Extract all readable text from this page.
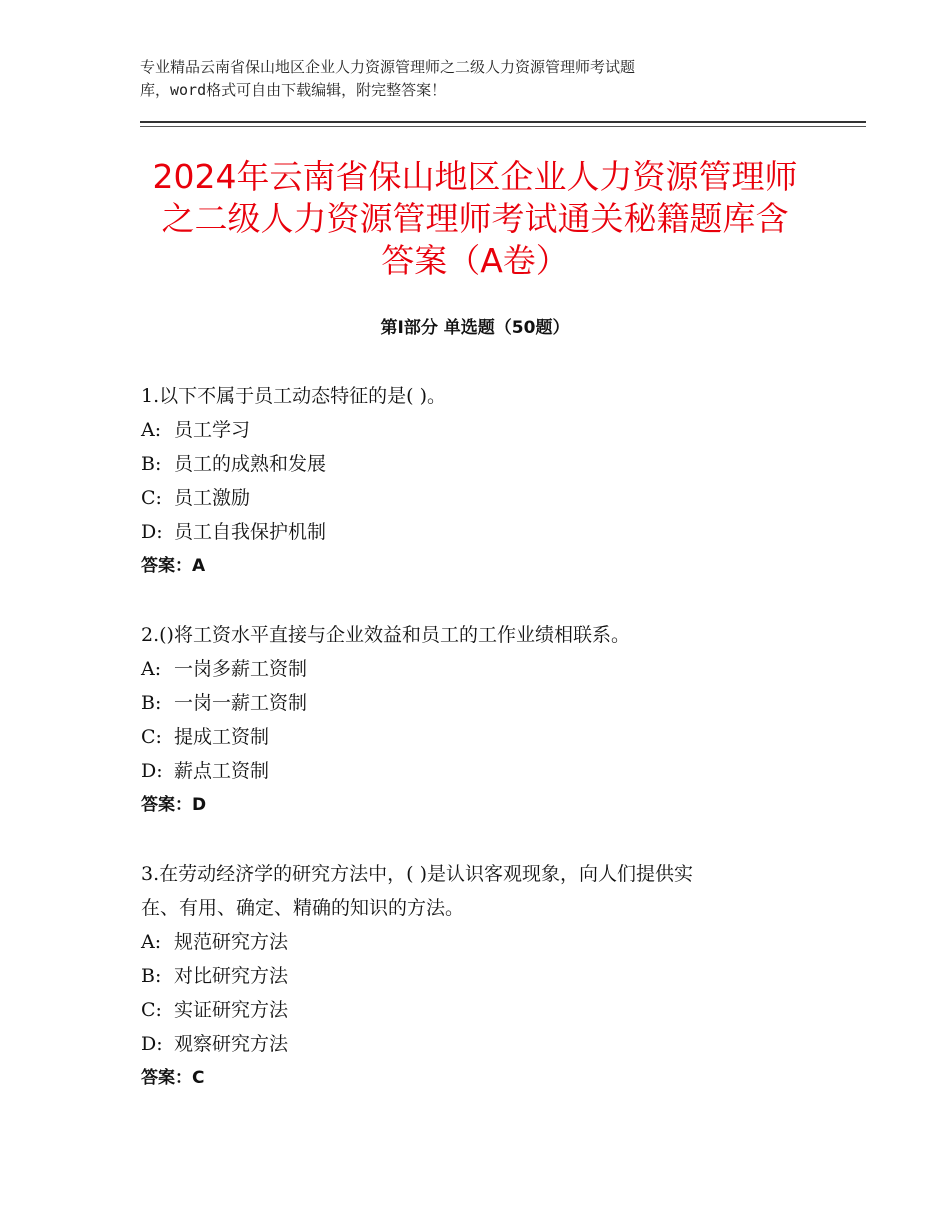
专业精品云南省保山地区企业人力资源管理师之二级人力资源管理师考试题
库，word格式可自由下载编辑，附完整答案！
2024年云南省保山地区企业人力资源管理师
之二级人力资源管理师考试通关秘籍题库含
答案（A卷）
第Ⅰ部分 单选题（50题）
1.以下不属于员工动态特征的是( )。
A: 员工学习
B: 员工的成熟和发展
C: 员工激励
D: 员工自我保护机制
答案：A
2.()将工资水平直接与企业效益和员工的工作业绩相联系。
A: 一岗多薪工资制
B: 一岗一薪工资制
C: 提成工资制
D: 薪点工资制
答案：D
3.在劳动经济学的研究方法中，( )是认识客观现象，向人们提供实
在、有用、确定、精确的知识的方法。
A: 规范研究方法
B: 对比研究方法
C: 实证研究方法
D: 观察研究方法
答案：C
